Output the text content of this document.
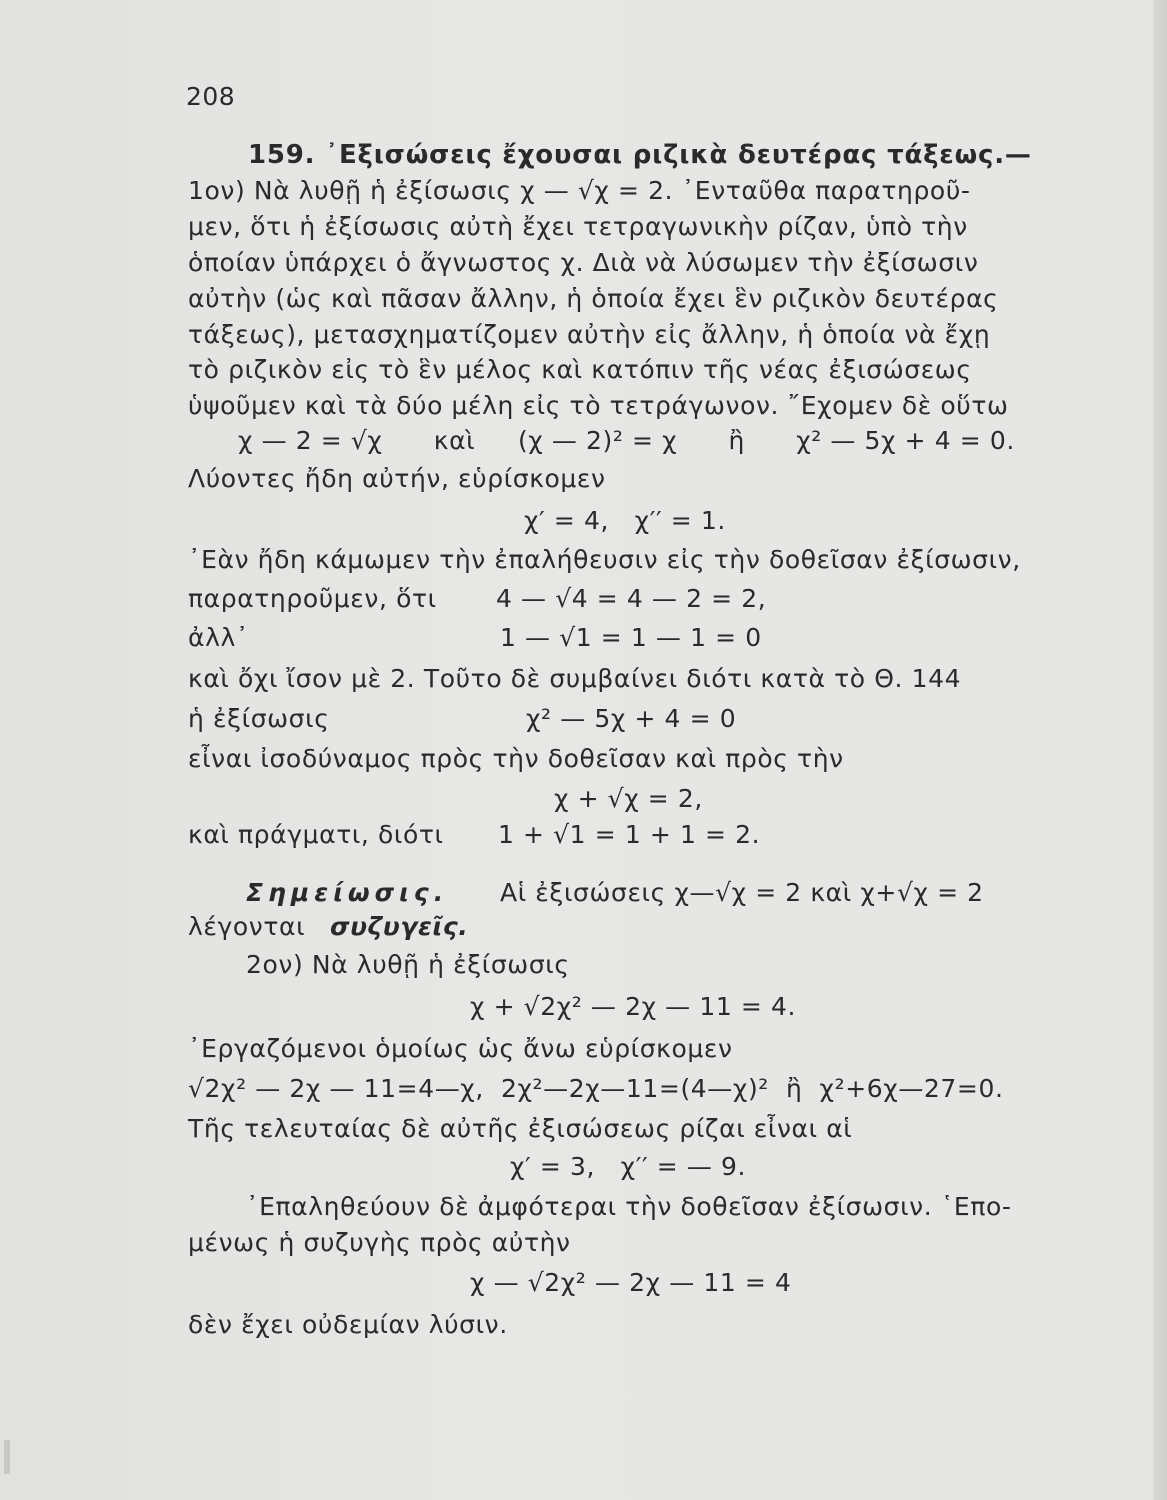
208
159. ᾿Εξισώσεις ἔχουσαι ριζικὰ δευτέρας τάξεως.—
1ον) Νὰ λυθῇ ἡ ἐξίσωσις χ — √χ = 2. ᾿Ενταῦθα παρατηροῦ-
μεν, ὅτι ἡ ἐξίσωσις αὐτὴ ἔχει τετραγωνικὴν ρίζαν, ὑπὸ τὴν
ὁποίαν ὑπάρχει ὁ ἄγνωστος χ. Διὰ νὰ λύσωμεν τὴν ἐξίσωσιν
αὐτὴν (ὡς καὶ πᾶσαν ἄλλην, ἡ ὁποία ἔχει ἓν ριζικὸν δευτέρας
τάξεως), μετασχηματίζομεν αὐτὴν εἰς ἄλλην, ἡ ὁποία νὰ ἔχῃ
τὸ ριζικὸν εἰς τὸ ἓν μέλος καὶ κατόπιν τῆς νέας ἐξισώσεως
ὑψοῦμεν καὶ τὰ δύο μέλη εἰς τὸ τετράγωνον. ῎Εχομεν δὲ οὕτω
χ — 2 = √χ      καὶ     (χ — 2)² = χ      ἢ      χ² — 5χ + 4 = 0.
Λύοντες ἤδη αὐτήν, εὑρίσκομεν
χ′ = 4,   χ′′ = 1.
᾿Εὰν ἤδη κάμωμεν τὴν ἐπαλήθευσιν εἰς τὴν δοθεῖσαν ἐξίσωσιν,
παρατηροῦμεν, ὅτι 4 — √4 = 4 — 2 = 2,
ἀλλ᾿	1 — √1 = 1 — 1 = 0
καὶ ὄχι ἴσον μὲ 2. Τοῦτο δὲ συμβαίνει διότι κατὰ τὸ Θ. 144
ἡ ἐξίσωσις	χ² — 5χ + 4 = 0
εἶναι ἰσοδύναμος πρὸς τὴν δοθεῖσαν καὶ πρὸς τὴν
χ + √χ = 2,
καὶ πράγματι, διότι 1 + √1 = 1 + 1 = 2.
Σημείωσις. Αἱ ἐξισώσεις χ—√χ = 2 καὶ χ+√χ = 2
λέγονται συζυγεῖς.
2ον) Νὰ λυθῇ ἡ ἐξίσωσις
χ + √2χ² — 2χ — 11 = 4.
᾿Εργαζόμενοι ὁμοίως ὡς ἄνω εὑρίσκομεν
√2χ² — 2χ — 11=4—χ,  2χ²—2χ—11=(4—χ)²  ἢ  χ²+6χ—27=0.
Τῆς τελευταίας δὲ αὐτῆς ἐξισώσεως ρίζαι εἶναι αἱ
χ′ = 3,   χ′′ = — 9.
᾿Επαληθεύουν δὲ ἀμφότεραι τὴν δοθεῖσαν ἐξίσωσιν. ῾Επο-
μένως ἡ συζυγὴς πρὸς αὐτὴν
χ — √2χ² — 2χ — 11 = 4
δὲν ἔχει οὐδεμίαν λύσιν.
